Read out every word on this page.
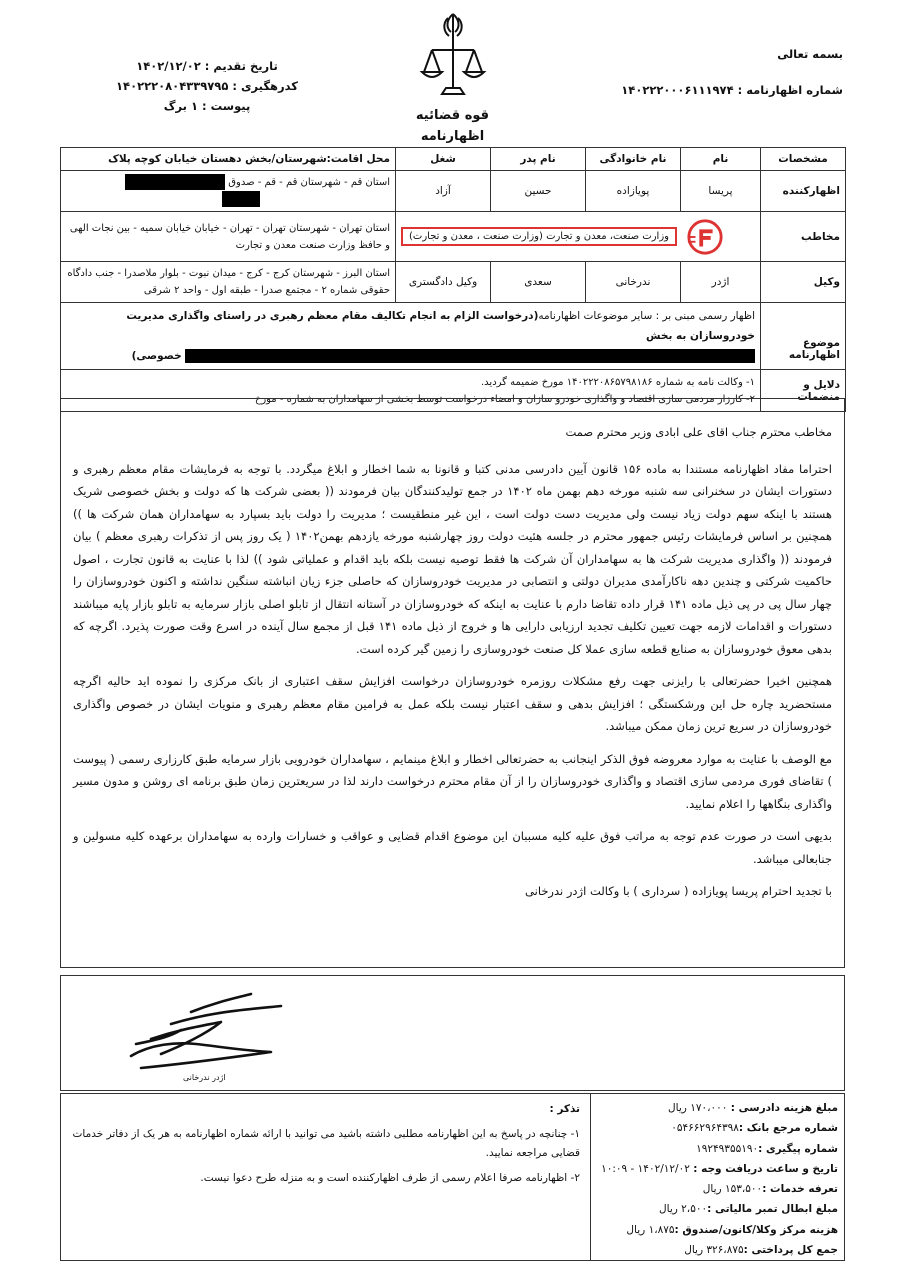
بسمه تعالی
شماره اظهارنامه : ۱۴۰۲۲۲۰۰۰۶۱۱۱۹۷۴
قوه قضائیه
اظهارنامه
تاریخ تقدیم : ۱۴۰۲/۱۲/۰۲
کدرهگیری : ۱۴۰۲۲۲۰۸۰۴۳۳۹۷۹۵
پیوست : ۱ برگ
مشخصات	نام	نام خانوادگی	نام پدر	شغل	محل اقامت:شهرستان/بخش دهستان خیابان کوچه پلاک
اظهارکننده	پریسا	پویازاده	حسین	آزاد	استان قم - شهرستان قم - قم - صدوق

مخاطب	وزارت صنعت، معدن و تجارت (وزارت صنعت ، معدن و تجارت)				استان تهران - شهرستان تهران - تهران - خیابان خیابان سمیه - بین نجات الهی و حافظ وزارت صنعت معدن و تجارت
وکیل	اژدر	ندرخانی	سعدی	وکیل دادگستری	استان البرز - شهرستان کرج - کرج - میدان نبوت - بلوار ملاصدرا - جنب دادگاه حقوقی شماره ۲ - مجتمع صدرا - طبقه اول - واحد ۲ شرقی
موضوع اظهارنامه	اظهار رسمی مبنی بر : سایر موضوعات اظهارنامه(درخواست الزام به انجام تکالیف مقام معظم رهبری در راستای واگذاری مدیریت خودروسازان به بخش
خصوصی)				
دلایل و منضمات	۱- وکالت نامه به شماره ۱۴۰۲۲۲۰۸۶۵۷۹۸۱۸۶ مورخ ضمیمه گردید.
۲- کارزار مردمی سازی اقتصاد و واگذاری خودرو سازان و امضاء درخواست توسط بخشی از سهامداران به شماره - مورخ				

مخاطب محترم جناب اقای علی ابادی وزیر محترم صمت

احتراما مفاد اظهارنامه مستندا به ماده ۱۵۶ قانون آیین دادرسی مدنی کتبا و قانونا به شما اخطار و ابلاغ میگردد. با توجه به فرمایشات مقام معظم رهبری و دستورات ایشان در سخنرانی سه شنبه مورخه دهم بهمن ماه ۱۴۰۲ در جمع تولیدکنندگان بیان فرمودند (( بعضی شرکت ها که دولت و بخش خصوصی شریک هستند با اینکه سهم دولت زیاد نیست ولی مدیریت دست دولت است ، این غیر منطقیست ؛ مدیریت را دولت باید بسپارد به سهامداران همان شرکت ها )) همچنین بر اساس فرمایشات رئیس جمهور محترم در جلسه هئیت دولت روز چهارشنبه مورخه یازدهم بهمن۱۴۰۲ ( یک روز پس از تذکرات رهبری معظم ) بیان فرمودند (( واگذاری مدیریت شرکت ها به سهامداران آن شرکت ها فقط توصیه نیست بلکه باید اقدام و عملیاتی شود )) لذا با عنایت به قانون تجارت ، اصول حاکمیت شرکتی و چندین دهه ناکارآمدی مدیران دولتی و انتصابی در مدیریت خودروسازان که حاصلی جزء زیان انباشته سنگین نداشته و اکنون خودروسازان را چهار سال پی در پی ذیل ماده ۱۴۱ قرار داده تقاضا دارم با عنایت به اینکه که خودروسازان در آستانه انتقال از تابلو اصلی بازار سرمایه به تابلو بازار پایه میباشند دستورات و اقدامات لازمه جهت تعیین تکلیف تجدید ارزیابی دارایی ها و خروج از ذیل ماده ۱۴۱ قبل از مجمع سال آینده در اسرع وقت صورت پذیرد. اگرچه که بدهی معوق خودروسازان به صنایع قطعه سازی عملا کل صنعت خودروسازی را زمین گیر کرده است.

همچنین اخیرا حضرتعالی با رایزنی جهت رفع مشکلات روزمره خودروسازان درخواست افزایش سقف اعتباری از بانک مرکزی را نموده اید حالیه اگرچه مستحضرید چاره حل این ورشکستگی ؛ افزایش بدهی و سقف اعتبار نیست بلکه عمل به فرامین مقام معظم رهبری و منویات ایشان در خصوص واگذاری خودروسازان در سریع ترین زمان ممکن میباشد.

مع الوصف با عنایت به موارد معروضه فوق الذکر اینجانب به حضرتعالی اخطار و ابلاغ مینمایم ، سهامداران خودرویی بازار سرمایه طبق کارزاری رسمی ( پیوست ) تقاضای فوری مردمی سازی اقتصاد و واگذاری خودروسازان را از آن مقام محترم درخواست دارند لذا در سریعترین زمان طبق برنامه ای روشن و مدون مسیر واگذاری بنگاهها را اعلام نمایید.

بدیهی است در صورت عدم توجه به مراتب فوق علیه کلیه مسببان این موضوع اقدام قضایی و عواقب و خسارات وارده به سهامداران برعهده کلیه مسولین و جنابعالی میباشد.

با تجدید احترام پریسا پویازاده ( سرداری ) با وکالت اژدر ندرخانی

اژدر ندرخانی
مبلغ هزینه دادرسی : ۱۷۰،۰۰۰ ریال
شماره مرجع بانک :۰۵۴۶۶۲۹۶۴۳۹۸
شماره پیگیری :۱۹۲۴۹۳۵۵۱۹۰
تاریخ و ساعت دریافت وجه : ۱۴۰۲/۱۲/۰۲ - ۱۰:۰۹
تعرفه خدمات :۱۵۳،۵۰۰ ریال
مبلغ ابطال تمبر مالیاتی :۲،۵۰۰ ریال
هزینه مرکز وکلا/کانون/صندوق :۱،۸۷۵ ریال
جمع کل پرداختی :۳۲۶،۸۷۵ ریال
تذکر :
۱- چنانچه در پاسخ به این اظهارنامه مطلبی داشته باشید می توانید با ارائه شماره اظهارنامه به هر یک از دفاتر خدمات قضایی مراجعه نمایید.
۲- اظهارنامه صرفا اعلام رسمی از طرف اظهارکننده است و به منزله طرح دعوا نیست.
